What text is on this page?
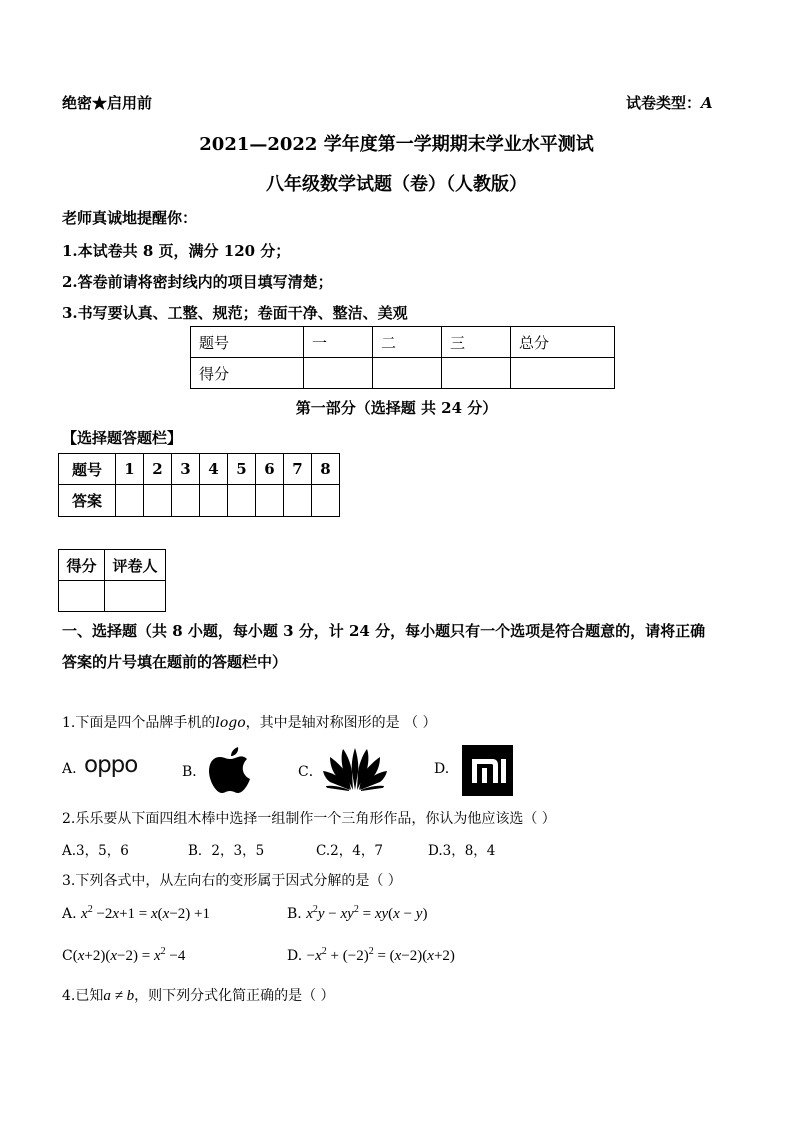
绝密★启用前	试卷类型：A
2021—2022 学年度第一学期期末学业水平测试
八年级数学试题（卷）（人教版）
老师真诚地提醒你：
1.本试卷共 8 页，满分 120 分；
2.答卷前请将密封线内的项目填写清楚；
3.书写要认真、工整、规范；卷面干净、整洁、美观
题号	一	二	三	总分
得分				
第一部分（选择题 共 24 分）
【选择题答题栏】
题号	1	2	3	4	5	6	7	8
答案								
得分	评卷人

一、选择题（共 8 小题，每小题 3 分，计 24 分，每小题只有一个选项是符合题意的，请将正确
答案的片号填在题前的答题栏中）
1.下面是四个品牌手机的logo，其中是轴对称图形的是 （ ）
A. oppo	B．	C．	D.
2.乐乐要从下面四组木棒中选择一组制作一个三角形作品，你认为他应该选（ ）
A.3，5，6	B．2，3，5	C.2，4，7	D.3，8，4
3.下列各式中，从左向右的变形属于因式分解的是（ ）
A. $x^2 -2x+1 = x(x-2) +1$	B. $x^2y - xy^2 = xy(x - y)$
$C(x+2)(x-2) = x^2 -4$	D. $-x^2 + (-2)^2 = (x-2)(x+2)$
4.已知a ≠ b，则下列分式化简正确的是（ ）
